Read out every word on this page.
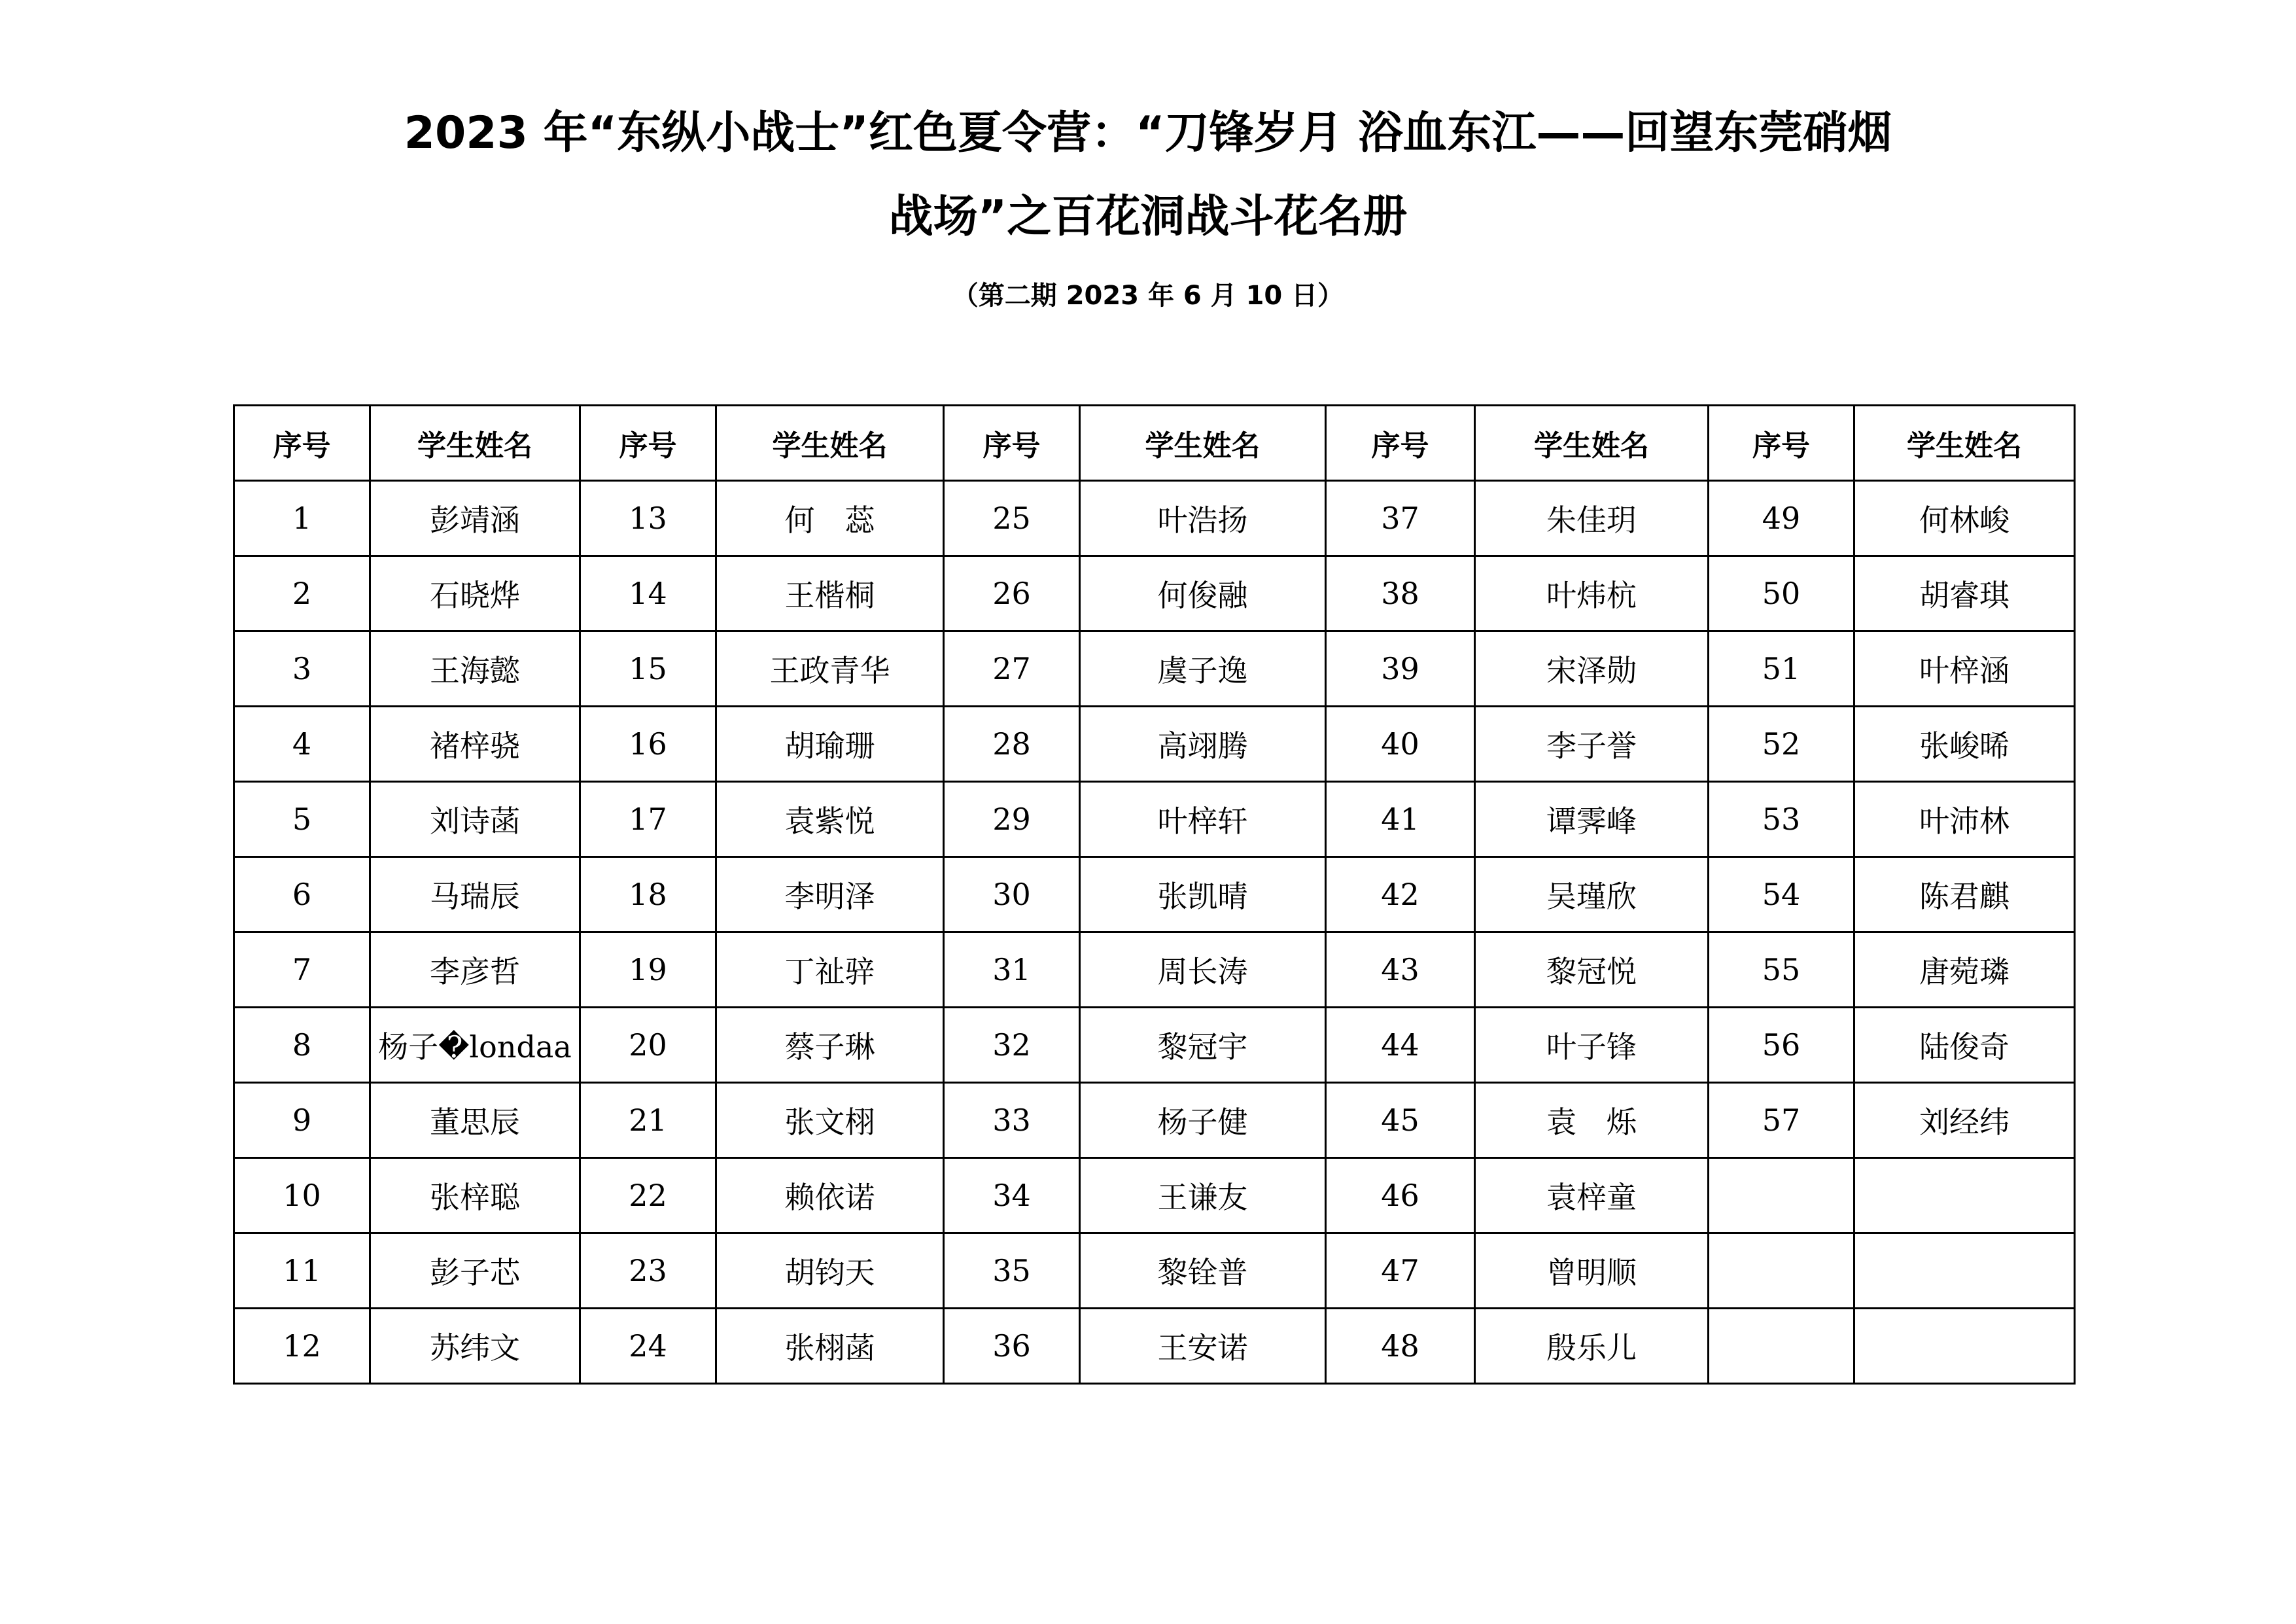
2023 年“东纵小战士”红色夏令营：“刀锋岁月 浴血东江——回望东莞硝烟
战场”之百花洞战斗花名册
（第二期 2023 年 6 月 10 日）
序号	学生姓名	序号	学生姓名	序号	学生姓名	序号	学生姓名	序号	学生姓名
1	彭靖涵	13	何　蕊	25	叶浩扬	37	朱佳玥	49	何林峻
2	石晓烨	14	王楷桐	26	何俊融	38	叶炜杭	50	胡睿琪
3	王海懿	15	王政青华	27	虞子逸	39	宋泽勋	51	叶梓涵
4	褚梓骁	16	胡瑜珊	28	高翊腾	40	李子誉	52	张峻晞
5	刘诗菡	17	袁紫悦	29	叶梓轩	41	谭霁峰	53	叶沛林
6	马瑞辰	18	李明泽	30	张凯晴	42	吴瑾欣	54	陈君麒
7	李彦哲	19	丁祉骍	31	周长涛	43	黎冠悦	55	唐菀璘
8	杨子�londaa	20	蔡子琳	32	黎冠宇	44	叶子锋	56	陆俊奇
9	董思辰	21	张文栩	33	杨子健	45	袁　烁	57	刘经纬
10	张梓聪	22	赖依诺	34	王谦友	46	袁梓童		
11	彭子芯	23	胡钧天	35	黎铨普	47	曾明顺		
12	苏纬文	24	张栩菡	36	王安诺	48	殷乐儿		
